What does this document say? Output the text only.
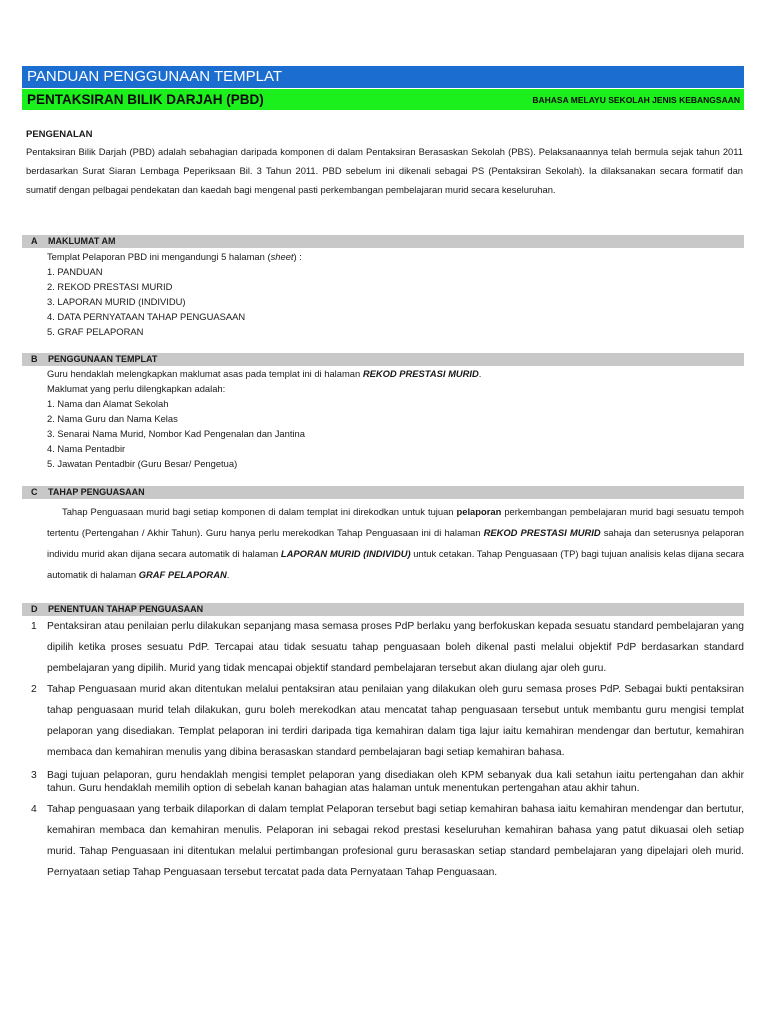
PANDUAN PENGGUNAAN TEMPLAT
PENTAKSIRAN BILIK DARJAH (PBD)	BAHASA MELAYU SEKOLAH JENIS KEBANGSAAN
PENGENALAN
Pentaksiran Bilik Darjah (PBD) adalah sebahagian daripada komponen di dalam Pentaksiran Berasaskan Sekolah (PBS). Pelaksanaannya telah bermula sejak tahun 2011 berdasarkan Surat Siaran Lembaga Peperiksaan Bil. 3 Tahun 2011. PBD sebelum ini dikenali sebagai PS (Pentaksiran Sekolah). Ia dilaksanakan secara formatif dan sumatif dengan pelbagai pendekatan dan kaedah bagi mengenal pasti perkembangan pembelajaran murid secara keseluruhan.
A MAKLUMAT AM
Templat Pelaporan PBD ini mengandungi 5 halaman (sheet) :
1. PANDUAN
2. REKOD PRESTASI MURID
3. LAPORAN MURID (INDIVIDU)
4. DATA PERNYATAAN TAHAP PENGUASAAN
5. GRAF PELAPORAN
B PENGGUNAAN TEMPLAT
Guru hendaklah melengkapkan maklumat asas pada templat ini di halaman REKOD PRESTASI MURID.
Maklumat yang perlu dilengkapkan adalah:
1. Nama dan Alamat Sekolah
2. Nama Guru dan Nama Kelas
3. Senarai Nama Murid, Nombor Kad Pengenalan dan Jantina
4. Nama Pentadbir
5. Jawatan Pentadbir (Guru Besar/ Pengetua)
C TAHAP PENGUASAAN
Tahap Penguasaan murid bagi setiap komponen di dalam templat ini direkodkan untuk tujuan pelaporan perkembangan pembelajaran murid bagi sesuatu tempoh tertentu (Pertengahan / Akhir Tahun). Guru hanya perlu merekodkan Tahap Penguasaan ini di halaman REKOD PRESTASI MURID sahaja dan seterusnya pelaporan individu murid akan dijana secara automatik di halaman LAPORAN MURID (INDIVIDU) untuk cetakan. Tahap Penguasaan (TP) bagi tujuan analisis kelas dijana secara automatik di halaman GRAF PELAPORAN.
D PENENTUAN TAHAP PENGUASAAN
1 Pentaksiran atau penilaian perlu dilakukan sepanjang masa semasa proses PdP berlaku yang berfokuskan kepada sesuatu standard pembelajaran yang dipilih ketika proses sesuatu PdP. Tercapai atau tidak sesuatu tahap penguasaan boleh dikenal pasti melalui objektif PdP berdasarkan standard pembelajaran yang dipilih. Murid yang tidak mencapai objektif standard pembelajaran tersebut akan diulang ajar oleh guru.
2 Tahap Penguasaan murid akan ditentukan melalui pentaksiran atau penilaian yang dilakukan oleh guru semasa proses PdP. Sebagai bukti pentaksiran tahap penguasaan murid telah dilakukan, guru boleh merekodkan atau mencatat tahap penguasaan tersebut untuk membantu guru mengisi templat pelaporan yang disediakan. Templat pelaporan ini terdiri daripada tiga kemahiran dalam tiga lajur iaitu kemahiran mendengar dan bertutur, kemahiran membaca dan kemahiran menulis yang dibina berasaskan standard pembelajaran bagi setiap kemahiran bahasa.
3 Bagi tujuan pelaporan, guru hendaklah mengisi templet pelaporan yang disediakan oleh KPM sebanyak dua kali setahun iaitu pertengahan dan akhir tahun. Guru hendaklah memilih option di sebelah kanan bahagian atas halaman untuk menentukan pertengahan atau akhir tahun.
4 Tahap penguasaan yang terbaik dilaporkan di dalam templat Pelaporan tersebut bagi setiap kemahiran bahasa iaitu kemahiran mendengar dan bertutur, kemahiran membaca dan kemahiran menulis. Pelaporan ini sebagai rekod prestasi keseluruhan kemahiran bahasa yang patut dikuasai oleh setiap murid. Tahap Penguasaan ini ditentukan melalui pertimbangan profesional guru berasaskan setiap standard pembelajaran yang dipelajari oleh murid. Pernyataan setiap Tahap Penguasaan tersebut tercatat pada data Pernyataan Tahap Penguasaan.
